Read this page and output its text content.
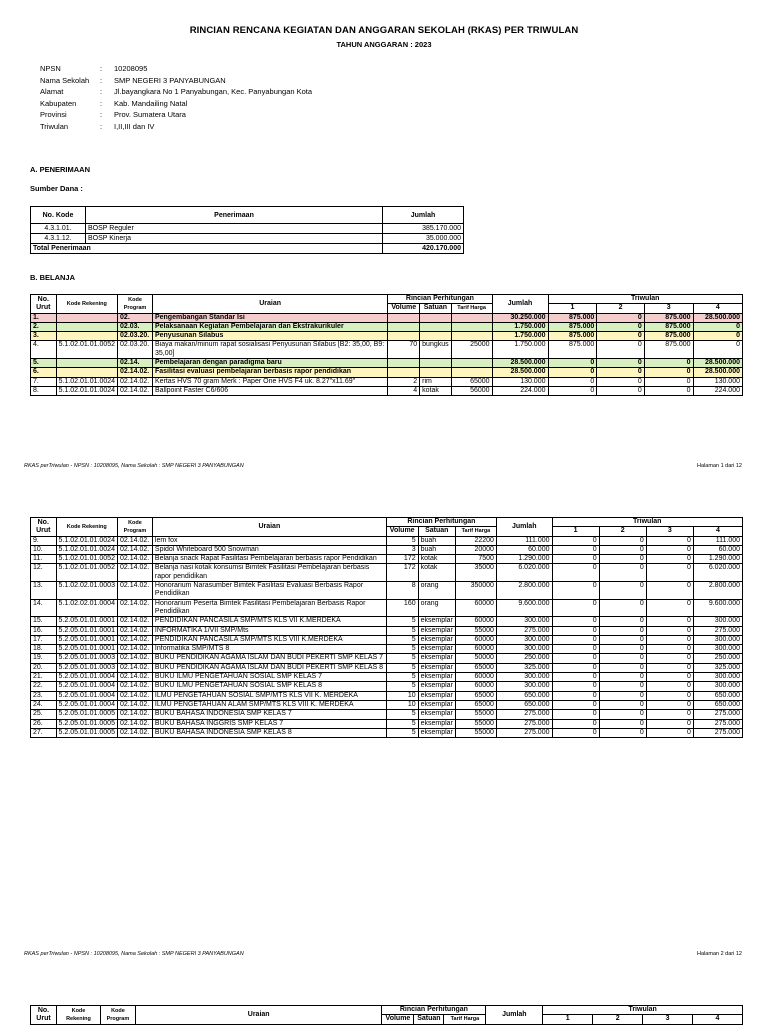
RINCIAN RENCANA KEGIATAN DAN ANGGARAN SEKOLAH (RKAS) PER TRIWULAN
TAHUN ANGGARAN : 2023
NPSN	:	10208095
Nama Sekolah	:	SMP NEGERI 3 PANYABUNGAN
Alamat	:	Jl.bayangkara No 1 Panyabungan, Kec. Panyabungan Kota
Kabupaten	:	Kab. Mandailing Natal
Provinsi	:	Prov. Sumatera Utara
Triwulan	:	I,II,III dan IV
A. PENERIMAAN
Sumber Dana :
No. Kode	Penerimaan	Jumlah
4.3.1.01.	BOSP Reguler	385.170.000
4.3.1.12.	BOSP Kinerja	35.000.000
Total Penerimaan		420.170.000
B. BELANJA
No. Urut	Kode Rekening	Kode Program	Uraian	Rincian Perhitungan			Jumlah	Triwulan			
				Volume	Satuan	Tarif Harga		1	2	3	4
1.		02.	Pengembangan Standar Isi				30.250.000	875.000	0	875.000	28.500.000
2.		02.03.	Pelaksanaan Kegiatan Pembelajaran dan Ekstrakurikuler				1.750.000	875.000	0	875.000	0
3.		02.03.20.	Penyusunan Silabus				1.750.000	875.000	0	875.000	0
4.	5.1.02.01.01.0052	02.03.20.	Biaya makan/minum rapat sosialisasi Penyusunan Silabus [B2: 35,00, B9: 35,00]	70	bungkus	25000	1.750.000	875.000	0	875.000	0
5.		02.14.	Pembelajaran dengan paradigma baru				28.500.000	0	0	0	28.500.000
6.		02.14.02.	Fasilitasi evaluasi pembelajaran berbasis rapor pendidikan				28.500.000	0	0	0	28.500.000
7.	5.1.02.01.01.0024	02.14.02.	Kertas HVS 70 gram Merk : Paper One HVS F4 uk. 8.27"x11.69"	2	rim	65000	130.000	0	0	0	130.000
8.	5.1.02.01.01.0024	02.14.02.	Ballpoint Faster C6/606	4	kotak	56000	224.000	0	0	0	224.000
RKAS perTriwulan - NPSN : 10208095, Nama Sekolah : SMP NEGERI 3 PANYABUNGAN	Halaman 1 dari 12
No. Urut	Kode Rekening	Kode Program	Uraian	Rincian Perhitungan			Jumlah	Triwulan			
				Volume	Satuan	Tarif Harga		1	2	3	4
9.	5.1.02.01.01.0024	02.14.02.	lem fox	5	buah	22200	111.000	0	0	0	111.000
10.	5.1.02.01.01.0024	02.14.02.	Spidol Whiteboard 500 Snowman	3	buah	20000	60.000	0	0	0	60.000
11.	5.1.02.01.01.0052	02.14.02.	Belanja snack Rapat Fasilitasi Pembelajaran berbasis rapor Pendidikan	172	kotak	7500	1.290.000	0	0	0	1.290.000
12.	5.1.02.01.01.0052	02.14.02.	Belanja nasi kotak konsumsi Bimtek Fasilitasi Pembelajaran berbasis rapor pendidikan	172	kotak	35000	6.020.000	0	0	0	6.020.000
13.	5.1.02.02.01.0003	02.14.02.	Honorarium Narasumber Bimtek Fasilitasi Evaluasi Berbasis Rapor Pendidikan	8	orang	350000	2.800.000	0	0	0	2.800.000
14.	5.1.02.02.01.0004	02.14.02.	Honorarium Peserta Bimtek Fasilitasi Pembelajaran Berbasis Rapor Pendidikan	160	orang	60000	9.600.000	0	0	0	9.600.000
15.	5.2.05.01.01.0001	02.14.02.	PENDIDIKAN PANCASILA SMP/MTS KLS VII K.MERDEKA	5	eksemplar	60000	300.000	0	0	0	300.000
16.	5.2.05.01.01.0001	02.14.02.	INFORMATIKA 1/VII SMP/Mts	5	eksemplar	55000	275.000	0	0	0	275.000
17.	5.2.05.01.01.0001	02.14.02.	PENDIDIKAN PANCASILA SMP/MTS KLS VIII K.MERDEKA	5	eksemplar	60000	300.000	0	0	0	300.000
18.	5.2.05.01.01.0001	02.14.02.	Informatika SMP/MTS 8	5	eksemplar	60000	300.000	0	0	0	300.000
19.	5.2.05.01.01.0003	02.14.02.	BUKU PENDIDIKAN AGAMA ISLAM DAN BUDI PEKERTI SMP KELAS 7	5	eksemplar	50000	250.000	0	0	0	250.000
20.	5.2.05.01.01.0003	02.14.02.	BUKU PENDIDIKAN AGAMA ISLAM DAN BUDI PEKERTI SMP KELAS 8	5	eksemplar	65000	325.000	0	0	0	325.000
21.	5.2.05.01.01.0004	02.14.02.	BUKU ILMU PENGETAHUAN SOSIAL SMP KELAS 7	5	eksemplar	60000	300.000	0	0	0	300.000
22.	5.2.05.01.01.0004	02.14.02.	BUKU ILMU PENGETAHUAN SOSIAL SMP KELAS 8	5	eksemplar	60000	300.000	0	0	0	300.000
23.	5.2.05.01.01.0004	02.14.02.	ILMU PENGETAHUAN SOSIAL SMP/MTS KLS VII K. MERDEKA	10	eksemplar	65000	650.000	0	0	0	650.000
24.	5.2.05.01.01.0004	02.14.02.	ILMU PENGETAHUAN ALAM SMP/MTS KLS VIII K. MERDEKA	10	eksemplar	65000	650.000	0	0	0	650.000
25.	5.2.05.01.01.0005	02.14.02.	BUKU BAHASA INDONESIA SMP KELAS 7	5	eksemplar	55000	275.000	0	0	0	275.000
26.	5.2.05.01.01.0005	02.14.02.	BUKU BAHASA INGGRIS SMP KELAS 7	5	eksemplar	55000	275.000	0	0	0	275.000
27.	5.2.05.01.01.0005	02.14.02.	BUKU BAHASA INDONESIA SMP KELAS 8	5	eksemplar	55000	275.000	0	0	0	275.000
RKAS perTriwulan - NPSN : 10208095, Nama Sekolah : SMP NEGERI 3 PANYABUNGAN	Halaman 2 dari 12
No. Urut	Kode Rekening	Kode Program	Uraian	Rincian Perhitungan			Jumlah	Triwulan			
				Volume	Satuan	Tarif Harga		1	2	3	4
